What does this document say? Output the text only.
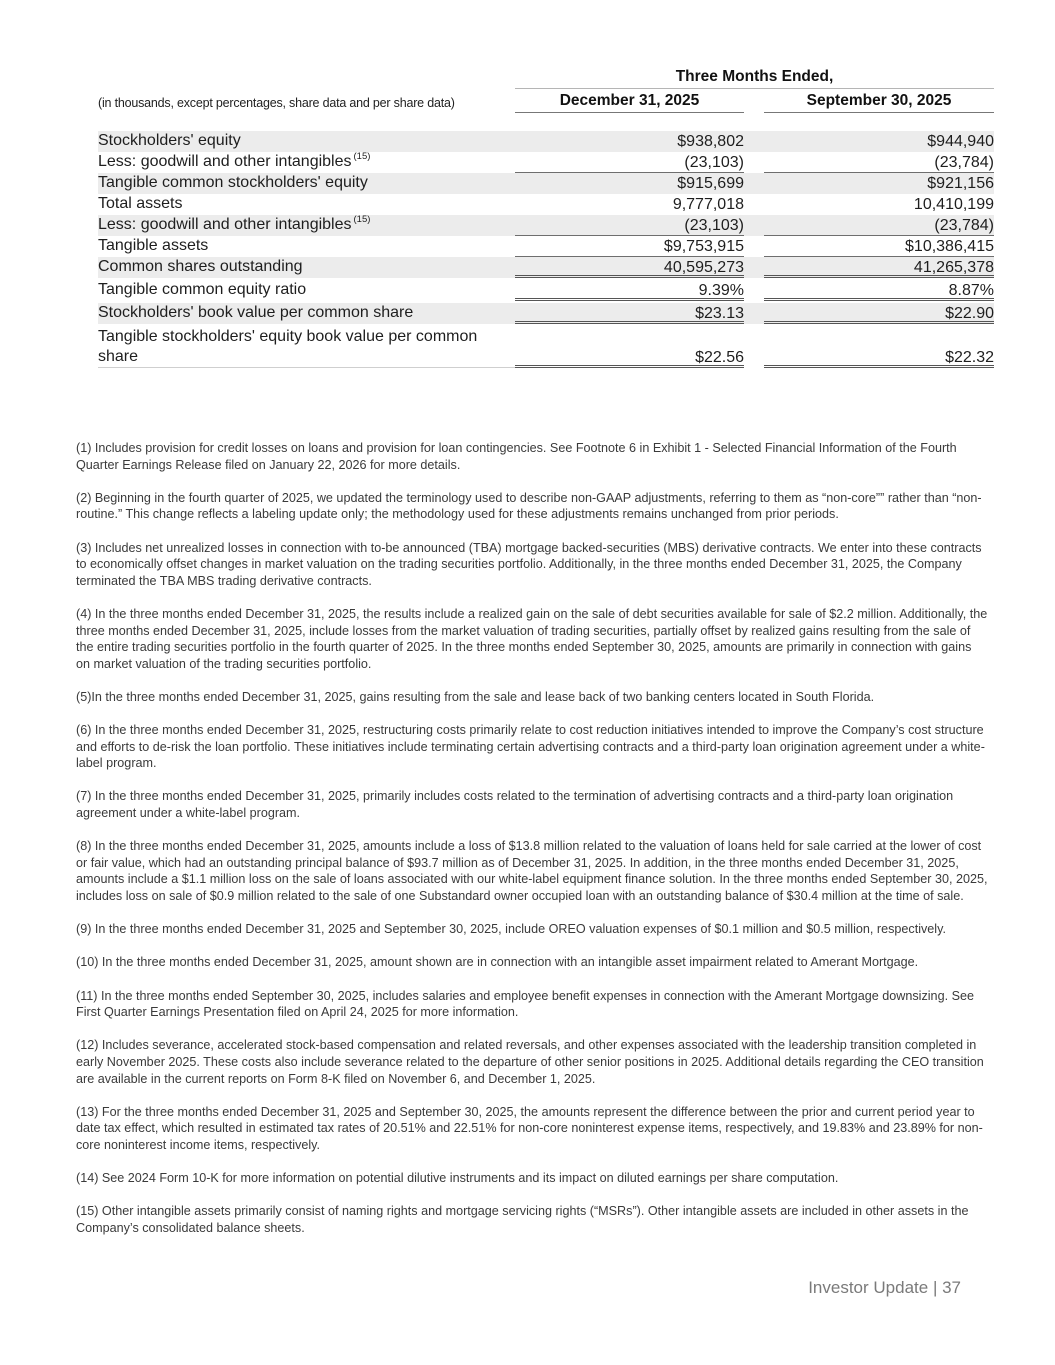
Three Months Ended,
(in thousands, except percentages, share data and per share data)	December 31, 2025	September 30, 2025
Stockholders' equity	$938,802	$944,940
Less: goodwill and other intangibles $^{(15)}$	(23,103)	(23,784)
Tangible common stockholders' equity	$915,699	$921,156
Total assets	9,777,018	10,410,199
Less: goodwill and other intangibles $^{(15)}$	(23,103)	(23,784)
Tangible assets	$9,753,915	$10,386,415
Common shares outstanding	40,595,273	41,265,378
Tangible common equity ratio	9.39%	8.87%
Stockholders' book value per common share	$23.13	$22.90
Tangible stockholders' equity book value per common share	$22.56	$22.32

(1) Includes provision for credit losses on loans and provision for loan contingencies. See Footnote 6 in Exhibit 1 - Selected Financial Information of the Fourth Quarter Earnings Release filed on January 22, 2026 for more details.

(2) Beginning in the fourth quarter of 2025, we updated the terminology used to describe non-GAAP adjustments, referring to them as “non-core”” rather than “non-routine.” This change reflects a labeling update only; the methodology used for these adjustments remains unchanged from prior periods.

(3) Includes net unrealized losses in connection with to-be announced (TBA) mortgage backed-securities (MBS) derivative contracts. We enter into these contracts to economically offset changes in market valuation on the trading securities portfolio. Additionally, in the three months ended December 31, 2025, the Company terminated the TBA MBS trading derivative contracts.

(4) In the three months ended December 31, 2025, the results include a realized gain on the sale of debt securities available for sale of $2.2 million. Additionally, the three months ended December 31, 2025, include losses from the market valuation of trading securities, partially offset by realized gains resulting from the sale of the entire trading securities portfolio in the fourth quarter of 2025. In the three months ended September 30, 2025, amounts are primarily in connection with gains on market valuation of the trading securities portfolio.

(5)In the three months ended December 31, 2025, gains resulting from the sale and lease back of two banking centers located in South Florida.

(6) In the three months ended December 31, 2025, restructuring costs primarily relate to cost reduction initiatives intended to improve the Company’s cost structure and efforts to de-risk the loan portfolio. These initiatives include terminating certain advertising contracts and a third-party loan origination agreement under a white-label program.

(7) In the three months ended December 31, 2025, primarily includes costs related to the termination of advertising contracts and a third-party loan origination agreement under a white-label program.

(8) In the three months ended December 31, 2025, amounts include a loss of $13.8 million related to the valuation of loans held for sale carried at the lower of cost or fair value, which had an outstanding principal balance of $93.7 million as of December 31, 2025. In addition, in the three months ended December 31, 2025, amounts include a $1.1 million loss on the sale of loans associated with our white-label equipment finance solution. In the three months ended September 30, 2025, includes loss on sale of $0.9 million related to the sale of one Substandard owner occupied loan with an outstanding balance of $30.4 million at the time of sale.

(9) In the three months ended December 31, 2025 and September 30, 2025, include OREO valuation expenses of $0.1 million and $0.5 million, respectively.

(10) In the three months ended December 31, 2025, amount shown are in connection with an intangible asset impairment related to Amerant Mortgage.

(11) In the three months ended September 30, 2025, includes salaries and employee benefit expenses in connection with the Amerant Mortgage downsizing. See First Quarter Earnings Presentation filed on April 24, 2025 for more information.

(12) Includes severance, accelerated stock-based compensation and related reversals, and other expenses associated with the leadership transition completed in early November 2025. These costs also include severance related to the departure of other senior positions in 2025. Additional details regarding the CEO transition are available in the current reports on Form 8-K filed on November 6, and December 1, 2025.

(13) For the three months ended December 31, 2025 and September 30, 2025, the amounts represent the difference between the prior and current period year to date tax effect, which resulted in estimated tax rates of 20.51% and 22.51% for non-core noninterest expense items, respectively, and 19.83% and 23.89% for non-core noninterest income items, respectively.

(14) See 2024 Form 10-K for more information on potential dilutive instruments and its impact on diluted earnings per share computation.

(15) Other intangible assets primarily consist of naming rights and mortgage servicing rights (“MSRs”). Other intangible assets are included in other assets in the Company’s consolidated balance sheets.

Investor Update | 37
